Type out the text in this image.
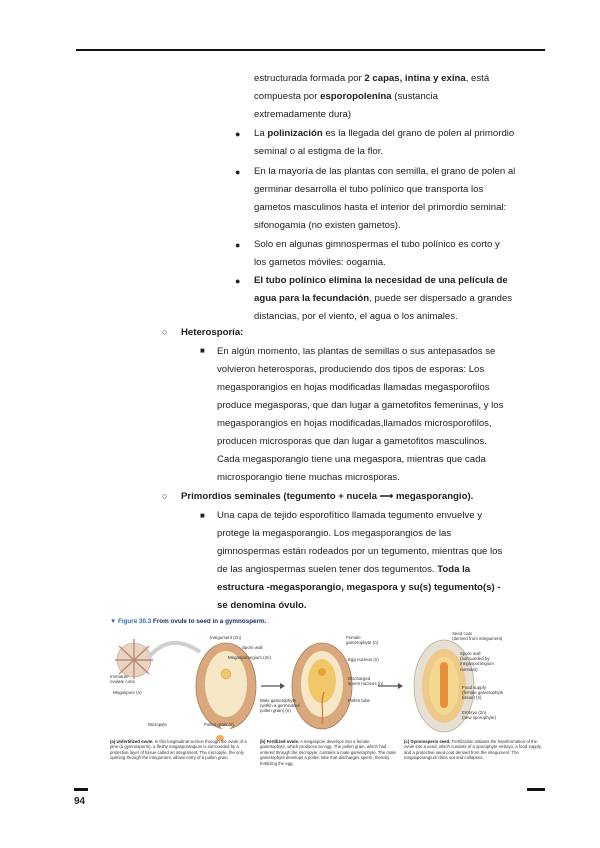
estructurada formada por 2 capas, intina y exina, está
compuesta por esporopolenina (sustancia
extremadamente dura)
● La polinización es la llegada del grano de polen al primordio
seminal o al estigma de la flor.
● En la mayoría de las plantas con semilla, el grano de polen al
germinar desarrolla el tubo polínico que transporta los
gametos masculinos hasta el interior del primordio seminal:
sifonogamia (no existen gametos).
● Solo en algunas gimnospermas el tubo polínico es corto y
los gametos móviles: oogamia.
● El tubo polínico elimina la necesidad de una película de
agua para la fecundación, puede ser dispersado a grandes
distancias, por el viento, el agua o los animales.
○ Heterosporía:
■ En algún momento, las plantas de semillas o sus antepasados se
volvieron heterosporas, produciendo dos tipos de esporas: Los
megasporangios en hojas modificadas llamadas megasporofilos
produce megasporas, que dan lugar a gametofitos femeninas, y los
megasporangios en hojas modificadas,llamados microsporofilos,
producen microsporas que dan lugar a gametofitos masculinos.
Cada megasporangio tiene una megaspora, mientras que cada
microsporangio tiene muchas microsporas.
○ Primordios seminales (tegumento + nucela ⟶ megasporangio).
■ Una capa de tejido esporofítico llamada tegumento envuelve y
protege la megasporangio. Los megasporangios de las
gimnospermas están rodeados por un tegumento, mientras que los
de las angiospermas suelen tener dos tegumentos. Toda la
estructura -megasporangio, megaspora y su(s) tegumento(s) -
se denomina óvulo.
▼ Figure 30.3 From ovule to seed in a gymnosperm.
Immature
ovulate cone
Integument (2n)
Spore wall
Megasporangium (2n)
Megaspore (n)
Micropyle	Pollen grain (n)
Female
gametophyte (n)
Egg nucleus (n)
Discharged
sperm nucleus (n)
Pollen tube
Male gametophyte
(within a germinated
pollen grain) (n)
Seed coat
(derived from integument)
Spore wall
(surrounded by
megasporangium
remnant)
Food supply
(female gametophyte
tissue) (n)
Embryo (2n)
(new sporophyte)
(a) Unfertilized ovule. In this longitudinal section through the ovule of a pine (a gymnosperm), a fleshy megasporangium is surrounded by a protective layer of tissue called an integument. The micropyle, the only opening through the integument, allows entry of a pollen grain.
(b) Fertilized ovule. A megaspore develops into a female gametophyte, which produces an egg. The pollen grain, which had entered through the micropyle, contains a male gametophyte. The male gametophyte develops a pollen tube that discharges sperm, thereby fertilizing the egg.
(c) Gymnosperm seed. Fertilization initiates the transformation of the ovule into a seed, which consists of a sporophyte embryo, a food supply, and a protective seed coat derived from the integument. The megasporangium dries out and collapses.
94
